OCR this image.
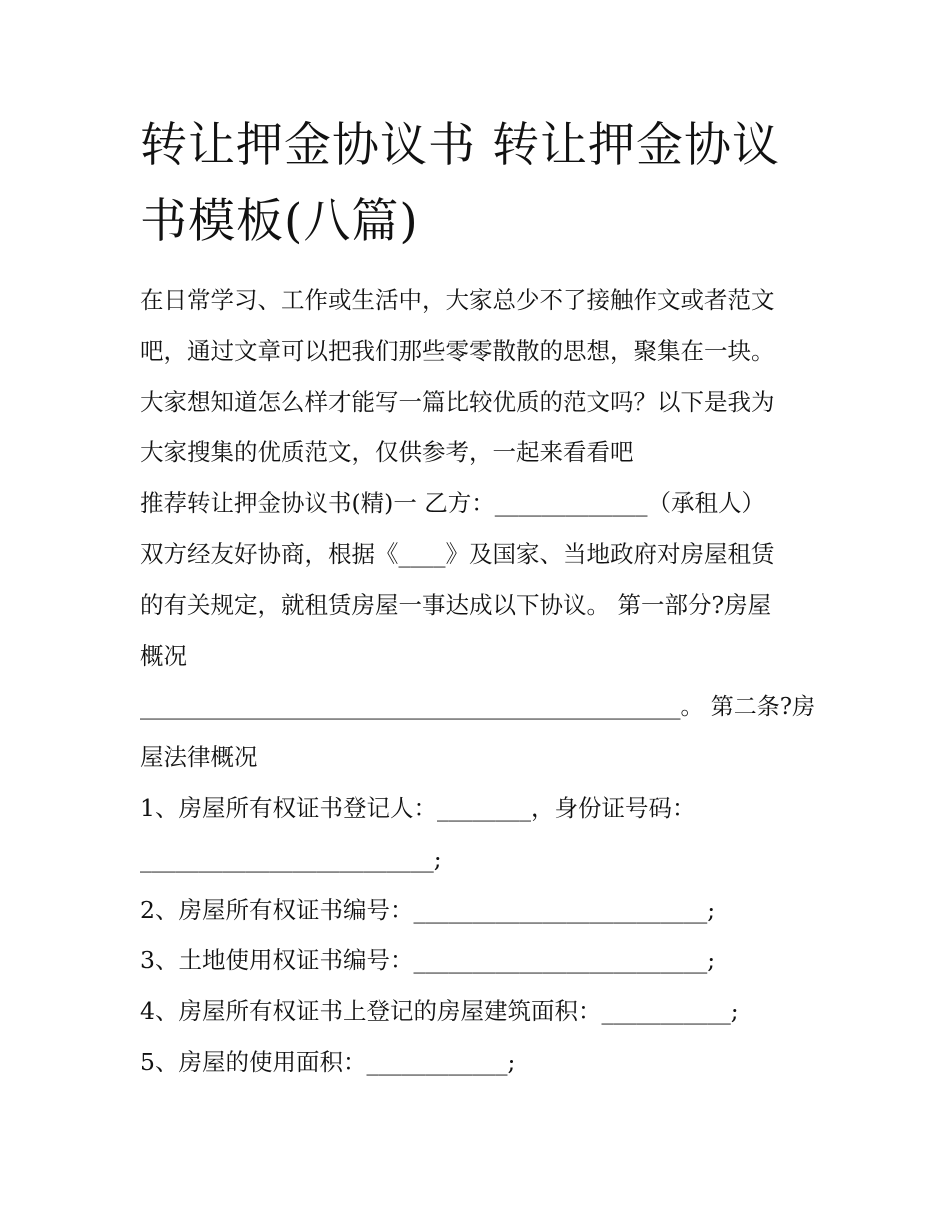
转让押金协议书 转让押金协议
书模板(八篇)

在日常学习、工作或生活中，大家总少不了接触作文或者范文

吧，通过文章可以把我们那些零零散散的思想，聚集在一块。

大家想知道怎么样才能写一篇比较优质的范文吗？以下是我为

大家搜集的优质范文，仅供参考，一起来看看吧

推荐转让押金协议书(精)一 乙方：_____________（承租人）

双方经友好协商，根据《____》及国家、当地政府对房屋租赁

的有关规定，就租赁房屋一事达成以下协议。 第一部分?房屋

概况

_______________________________________________。 第二条?房

屋法律概况

1、房屋所有权证书登记人：________，身份证号码：

_________________________;

2、房屋所有权证书编号：_________________________;

3、土地使用权证书编号：_________________________;

4、房屋所有权证书上登记的房屋建筑面积：___________;

5、房屋的使用面积：____________;
